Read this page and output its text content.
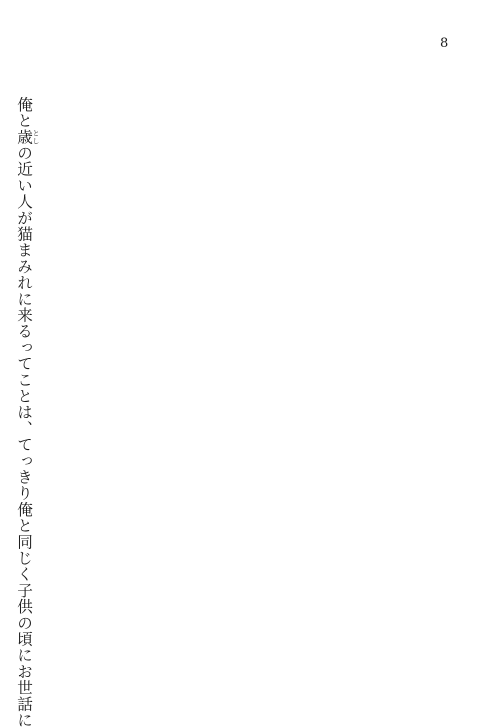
8

　俺と歳 としの近い人が猫まみれに来るってことは、てっきり俺と同じく子供の頃にお世話に
